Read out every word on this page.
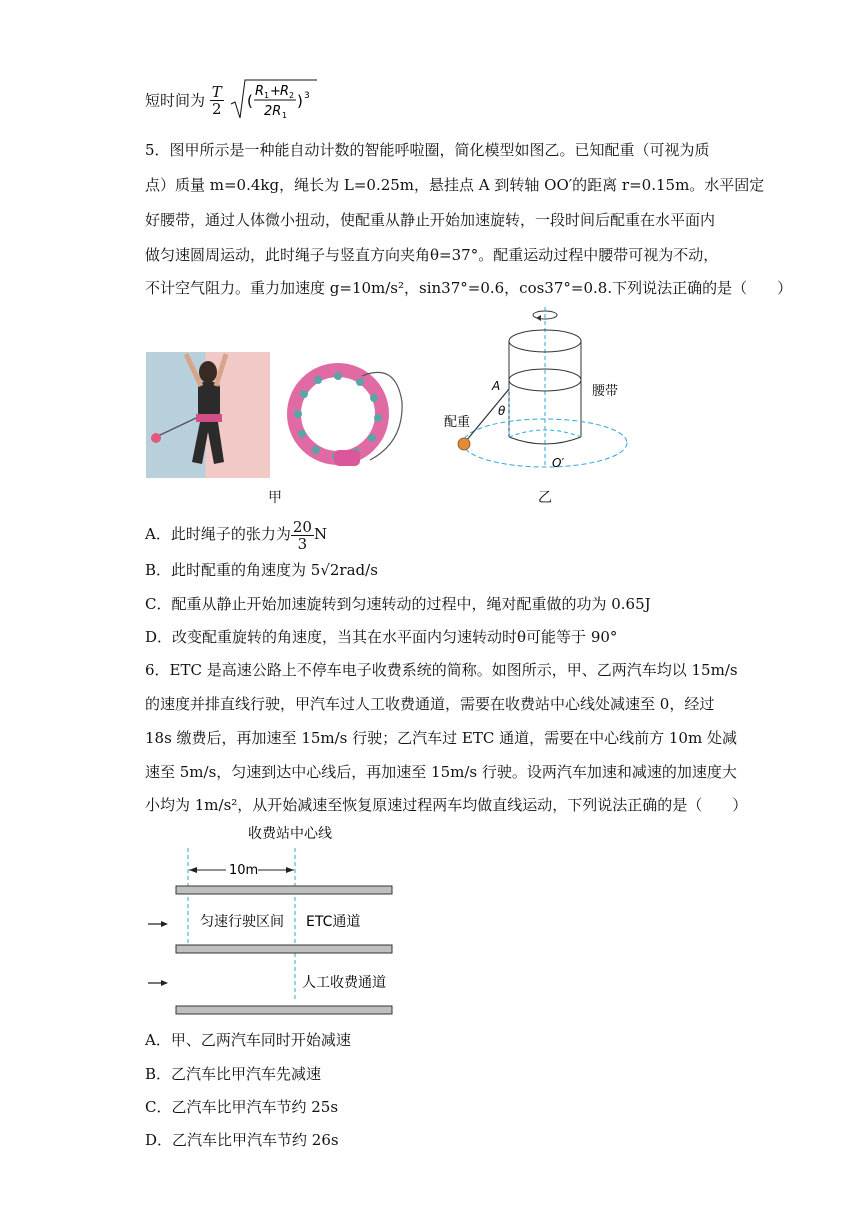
短时间为 $\frac{T}{2}$
(
R 1 + R 2
2R 1
) 3
5．图甲所示是一种能自动计数的智能呼啦圈，简化模型如图乙。已知配重（可视为质
点）质量 m=0.4kg，绳长为 L=0.25m，悬挂点 A 到转轴 OO′的距离 r=0.15m。水平固定
好腰带，通过人体微小扭动，使配重从静止开始加速旋转，一段时间后配重在水平面内
做匀速圆周运动，此时绳子与竖直方向夹角θ=37°。配重运动过程中腰带可视为不动，
不计空气阻力。重力加速度 g=10m/s²，sin37°=0.6，cos37°=0.8.下列说法正确的是（　　）
甲
A
θ
腰带
配重
O′
乙
A．此时绳子的张力为 $\frac{20}{3}$ N
B．此时配重的角速度为 5√2rad/s
C．配重从静止开始加速旋转到匀速转动的过程中，绳对配重做的功为 0.65J
D．改变配重旋转的角速度，当其在水平面内匀速转动时θ可能等于 90°
6．ETC 是高速公路上不停车电子收费系统的简称。如图所示，甲、乙两汽车均以 15m/s
的速度并排直线行驶，甲汽车过人工收费通道，需要在收费站中心线处减速至 0，经过
18s 缴费后，再加速至 15m/s 行驶；乙汽车过 ETC 通道，需要在中心线前方 10m 处减
速至 5m/s，匀速到达中心线后，再加速至 15m/s 行驶。设两汽车加速和减速的加速度大
小均为 1m/s²，从开始减速至恢复原速过程两车均做直线运动，下列说法正确的是（　　）
收费站中心线
10m
匀速行驶区间 ETC通道
人工收费通道
A．甲、乙两汽车同时开始减速
B．乙汽车比甲汽车先减速
C．乙汽车比甲汽车节约 25s
D．乙汽车比甲汽车节约 26s
